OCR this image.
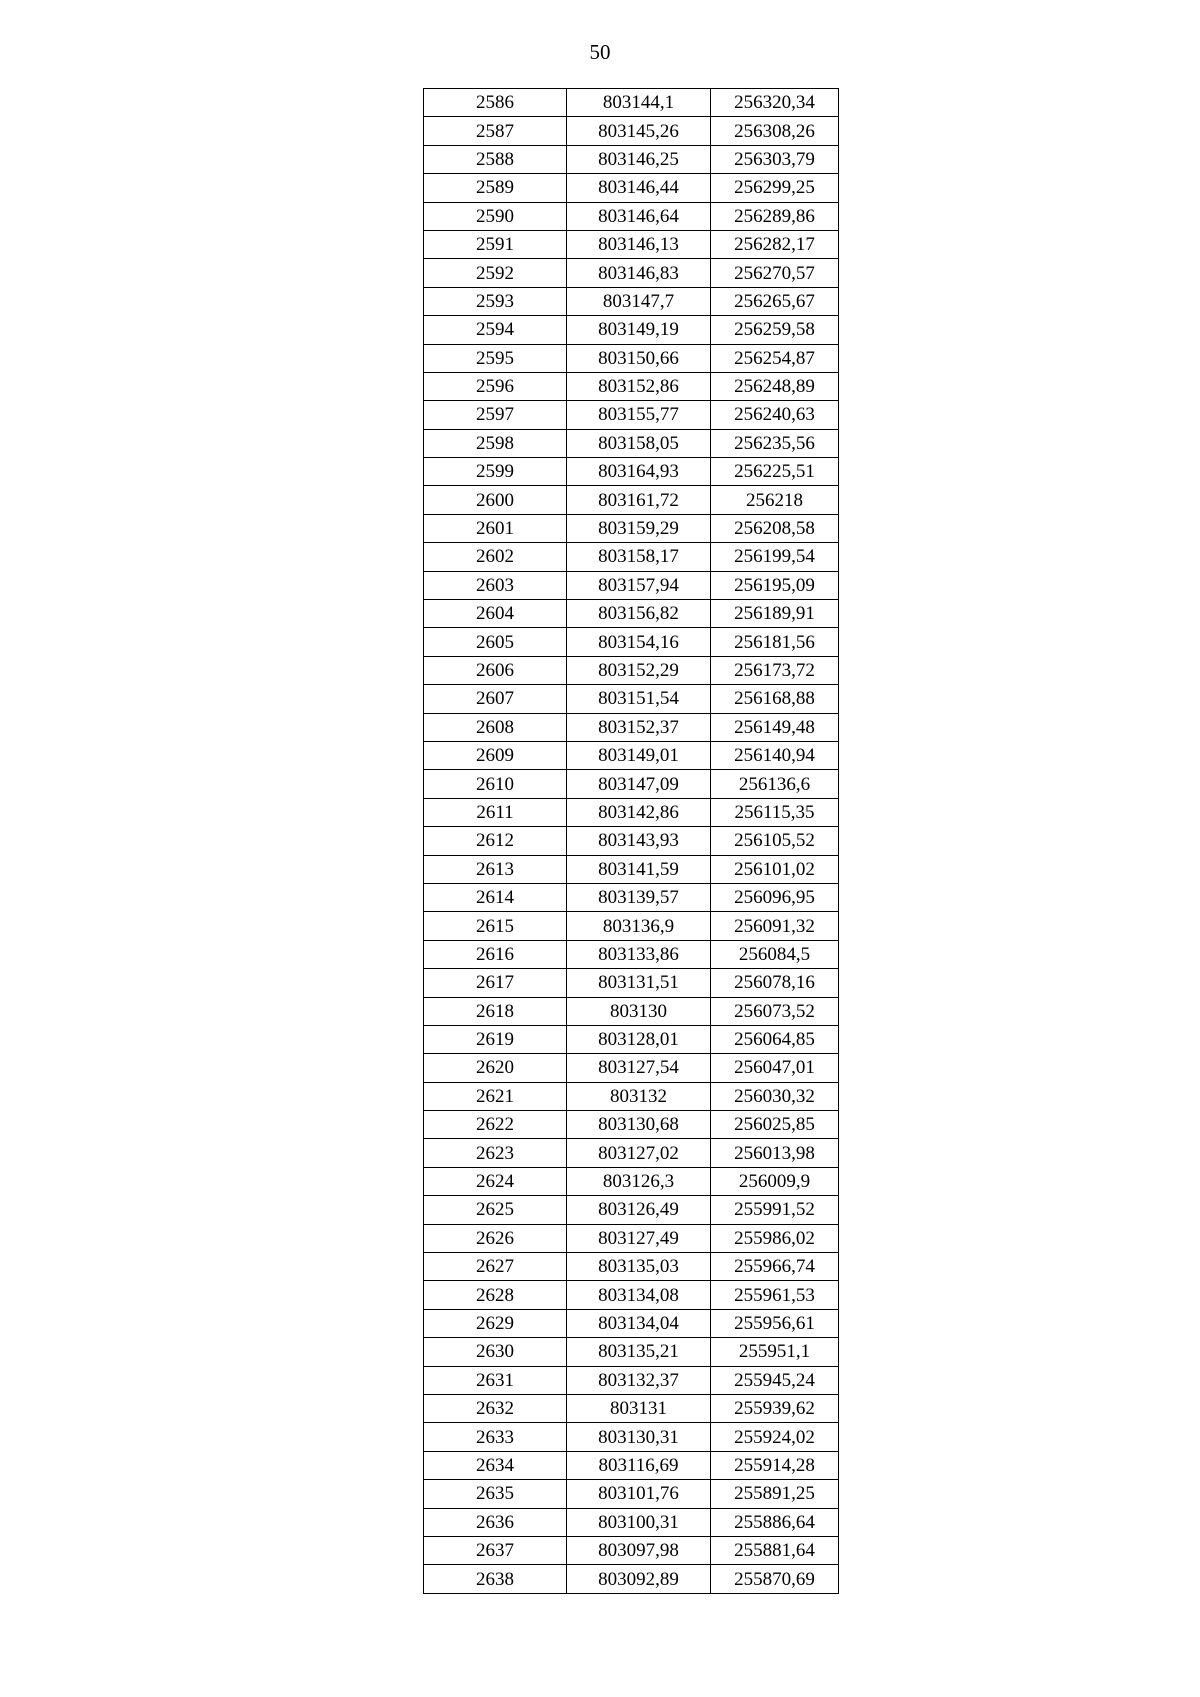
50
2586	803144,1	256320,34
2587	803145,26	256308,26
2588	803146,25	256303,79
2589	803146,44	256299,25
2590	803146,64	256289,86
2591	803146,13	256282,17
2592	803146,83	256270,57
2593	803147,7	256265,67
2594	803149,19	256259,58
2595	803150,66	256254,87
2596	803152,86	256248,89
2597	803155,77	256240,63
2598	803158,05	256235,56
2599	803164,93	256225,51
2600	803161,72	256218
2601	803159,29	256208,58
2602	803158,17	256199,54
2603	803157,94	256195,09
2604	803156,82	256189,91
2605	803154,16	256181,56
2606	803152,29	256173,72
2607	803151,54	256168,88
2608	803152,37	256149,48
2609	803149,01	256140,94
2610	803147,09	256136,6
2611	803142,86	256115,35
2612	803143,93	256105,52
2613	803141,59	256101,02
2614	803139,57	256096,95
2615	803136,9	256091,32
2616	803133,86	256084,5
2617	803131,51	256078,16
2618	803130	256073,52
2619	803128,01	256064,85
2620	803127,54	256047,01
2621	803132	256030,32
2622	803130,68	256025,85
2623	803127,02	256013,98
2624	803126,3	256009,9
2625	803126,49	255991,52
2626	803127,49	255986,02
2627	803135,03	255966,74
2628	803134,08	255961,53
2629	803134,04	255956,61
2630	803135,21	255951,1
2631	803132,37	255945,24
2632	803131	255939,62
2633	803130,31	255924,02
2634	803116,69	255914,28
2635	803101,76	255891,25
2636	803100,31	255886,64
2637	803097,98	255881,64
2638	803092,89	255870,69
